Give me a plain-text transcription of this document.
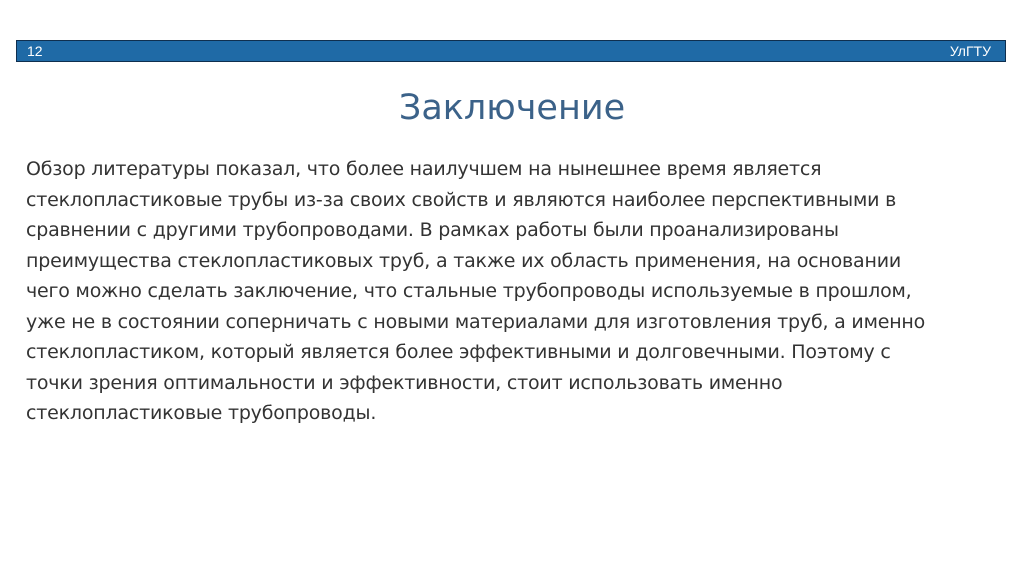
12	УлГТУ
Заключение
Обзор литературы показал, что более наилучшем на нынешнее время является
стеклопластиковые трубы из-за своих свойств и являются наиболее перспективными в
сравнении с другими трубопроводами. В рамках работы были проанализированы
преимущества стеклопластиковых труб, а также их область применения, на основании
чего можно сделать заключение, что стальные трубопроводы используемые в прошлом,
уже не в состоянии соперничать с новыми материалами для изготовления труб, а именно
стеклопластиком, который является более эффективными и долговечными. Поэтому с
точки зрения оптимальности и эффективности, стоит использовать именно
стеклопластиковые трубопроводы.
